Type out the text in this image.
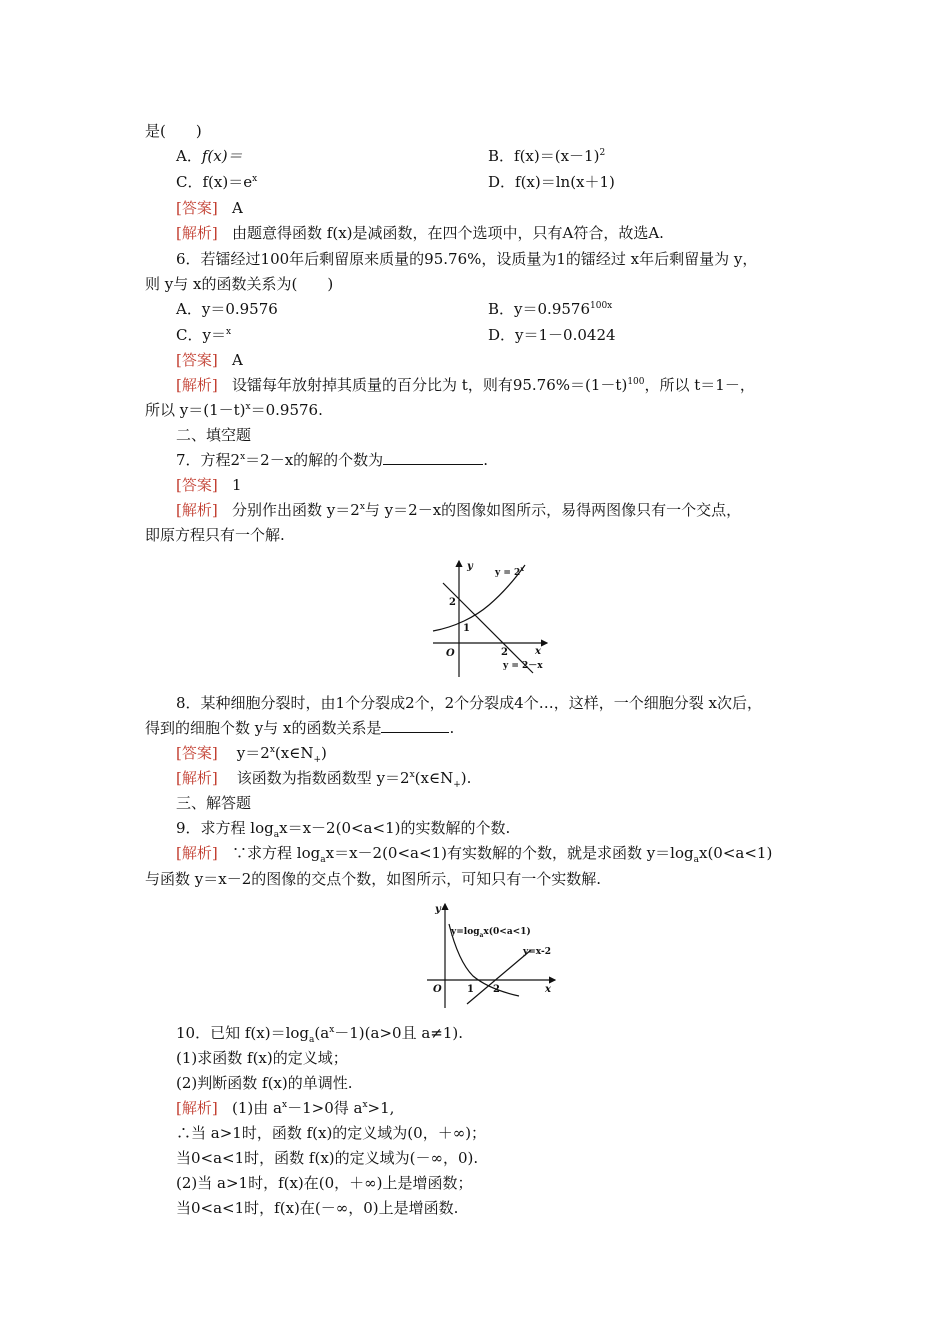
是(　　)
A．f(x)＝	B．$f(x)=(x-1)^2$
C．$f(x)=e^x$	D．f(x)＝ln(x＋1)
[答案] A
[解析] 由题意得函数 f(x)是减函数，在四个选项中，只有A符合，故选A.
6．若镭经过100年后剩留原来质量的95.76%，设质量为1的镭经过 x年后剩留量为 y，
则 y与 x的函数关系为(　　)
A．y＝0.9576	B．$y=0.9576^{100x}$
C．y＝$^x$	D．y＝1－0.0424
[答案] A
[解析] 设镭每年放射掉其质量的百分比为 t，则有$95.76\%=(1-t)^{100}$，所以 t＝1－，
所以 $y=(1-t)^x=0.9576$.
二、填空题
7．方程$2^x=2-x$的解的个数为	.
[答案] 1
[解析] 分别作出函数 $y=2^x$与 y＝2－x的图像如图所示，易得两图像只有一个交点，
即原方程只有一个解.
y
x
O
2
1
2
$y = 2^x$
y = 2－x
8．某种细胞分裂时，由1个分裂成2个，2个分裂成4个…，这样，一个细胞分裂 x次后，
得到的细胞个数 y与 x的函数关系是	.
[答案] $y=2^x(x\in N_+)$
[解析] 该函数为指数函数型 $y=2^x(x\in N_+)$.
三、解答题
9．求方程 $\log_ax=x-2(0<a<1)$的实数解的个数.
[解析] ∵求方程 $\log_ax=x-2(0<a<1)$有实数解的个数，就是求函数 $y=\log_ax(0<a<1)$
与函数 y＝x－2的图像的交点个数，如图所示，可知只有一个实数解.
y
x
O	1 2
$y=\log_ax(0<a<1)$
y=x-2
10．已知 $f(x)=\log_a(a^x-1)(a>0$且 a≠1).
(1)求函数 f(x)的定义域；
(2)判断函数 f(x)的单调性.
[解析] (1)由 $a^x-1>0$得 $a^x>1$,
∴当 a>1时，函数 f(x)的定义域为(0，＋∞)；
当0<a<1时，函数 f(x)的定义域为(－∞，0).
(2)当 a>1时，f(x)在(0，＋∞)上是增函数；
当0<a<1时，f(x)在(－∞，0)上是增函数.
